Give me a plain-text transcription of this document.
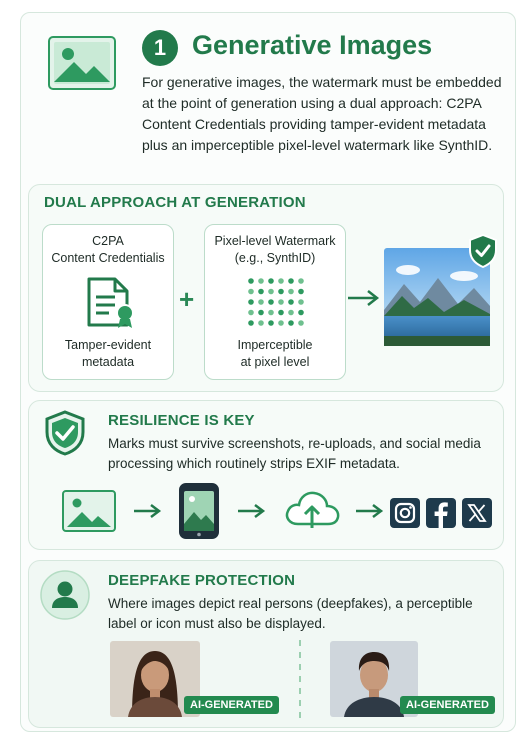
1 Generative Images
For generative images, the watermark must be embedded at the point of generation using a dual approach: C2PA Content Credentials providing tamper-evident metadata plus an imperceptible pixel-level watermark like SynthID.
DUAL APPROACH AT GENERATION
C2PA
Content Credentialis
Tamper-evident
metadata
+
Pixel-level Watermark
(e.g., SynthID)
Imperceptible
at pixel level
RESILIENCE IS KEY
Marks must survive screenshots, re-uploads, and social media processing which routinely strips EXIF metadata.
DEEPFAKE PROTECTION
Where images depict real persons (deepfakes), a perceptible label or icon must also be displayed.
AI-GENERATED	AI-GENERATED
